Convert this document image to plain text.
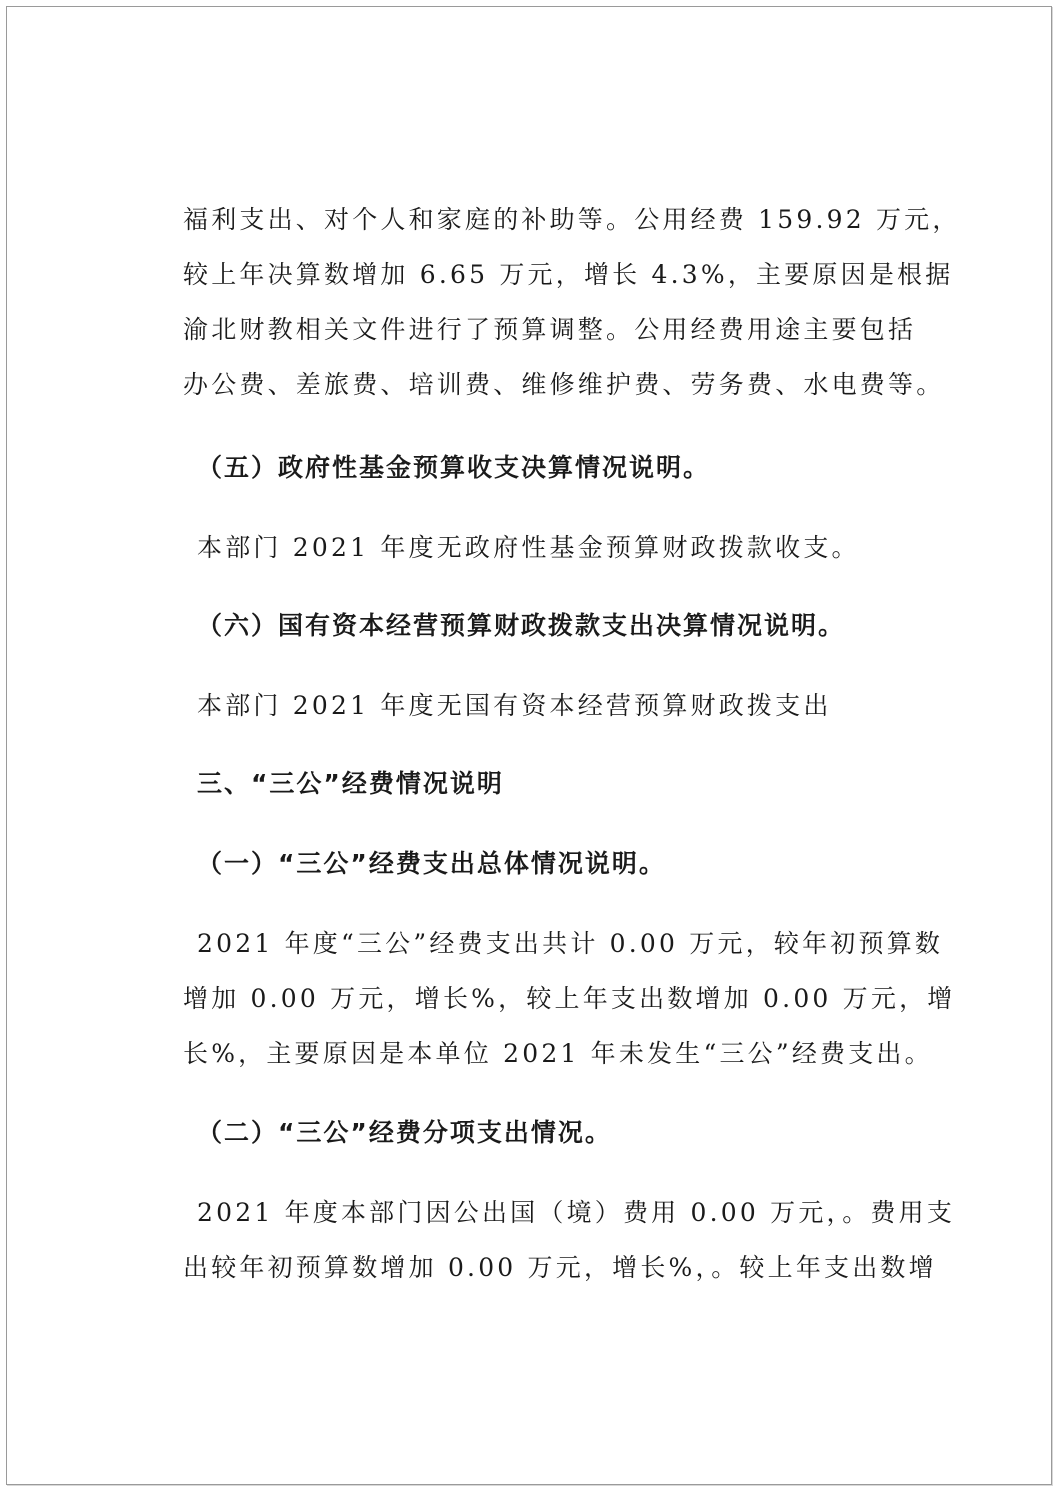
福利支出、对个人和家庭的补助等。公用经费 159.92 万元，
较上年决算数增加 6.65 万元，增长 4.3%，主要原因是根据
渝北财教相关文件进行了预算调整。公用经费用途主要包括
办公费、差旅费、培训费、维修维护费、劳务费、水电费等。
（五）政府性基金预算收支决算情况说明。
本部门 2021 年度无政府性基金预算财政拨款收支。
（六）国有资本经营预算财政拨款支出决算情况说明。
本部门 2021 年度无国有资本经营预算财政拨支出
三、“三公”经费情况说明
（一）“三公”经费支出总体情况说明。
2021 年度“三公”经费支出共计 0.00 万元，较年初预算数
增加 0.00 万元，增长%，较上年支出数增加 0.00 万元，增
长%，主要原因是本单位 2021 年未发生“三公”经费支出。
（二）“三公”经费分项支出情况。
2021 年度本部门因公出国（境）费用 0.00 万元，。费用支
出较年初预算数增加 0.00 万元，增长%，。较上年支出数增
